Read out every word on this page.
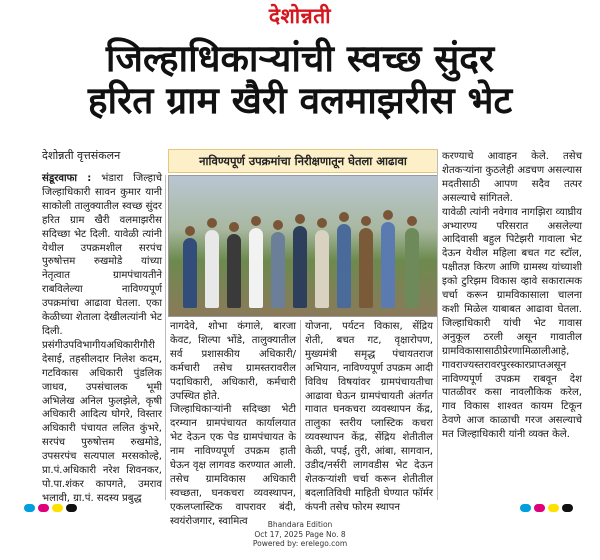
देशोन्नती
जिल्हाधिकाऱ्यांची स्वच्छ सुंदर
हरित ग्राम खैरी वलमाझरीस भेट
देशोन्नती वृत्तसंकलन	नाविण्यपूर्ण उपक्रमांचा निरीक्षणातून घेतला आढावा
संडूरवाफा : भंडारा जिल्हाचे जिल्हाधिकारी सावन कुमार यानी साकोली तालुक्यातील स्वच्छ सुंदर हरित ग्राम खैरी वलमाझरीस सदिच्छा भेट दिली. यावेळी त्यांनी येथील उपक्रमशील सरपंच पुरुषोत्तम रुखमोडे यांच्या नेतृत्वात ग्रामपंचायतीने राबविलेल्या नाविण्यपूर्ण उपक्रमांचा आढावा घेतला. एका केळीच्या शेताला देखीलत्यांनी भेट दिली.
प्रसंगीउपविभागीयअधिकारीगौरी देसाई, तहसीलदार निलेश कदम, गटविकास अधिकारी पुंडलिक जाधव, उपसंचालक भूमी अभिलेख अनिल फुलझेले, कृषी अधिकारी आदित्य घोगरे, विस्तार अधिकारी पंचायत ललित कुंभरे, सरपंच पुरुषोत्तम रुखमोडे, उपसरपंच सत्यपाल मरसकोल्हे, प्रा.पं.अधिकारी नरेश शिवनकर, पो.पा.शंकर कापगते, उमराव भलावी, ग्रा.पं. सदस्य प्रबुद्ध
नागदेवे, शोभा कंगाले, बारजा केवट, शिल्पा भोंडे, तालुक्यातील सर्व प्रशासकीय अधिकारी/ कर्मचारी तसेच ग्रामस्तरावरील पदाधिकारी, अधिकारी, कर्मचारी उपस्थित होते.
जिल्हाधिकाऱ्यांनी सदिच्छा भेटी दरम्यान ग्रामपंचायत कार्यालयात भेट देऊन एक पेड ग्रामपंचायत के नाम नाविण्यपूर्ण उपक्रम हाती घेऊन वृक्ष लागवड करण्यात आली. तसेच ग्रामविकास अधिकारी स्वच्छता, घनकचरा व्यवस्थापन, एकलप्लास्टिक वापरावर बंदी, स्वयंरोजगार, स्वामित्व
योजना, पर्यटन विकास, सेंद्रिय शेती, बचत गट, वृक्षारोपण, मुख्यमंत्री समृद्ध पंचायतराज अभियान, नाविण्यपूर्ण उपक्रम आदी विविध विषयांवर ग्रामपंचायतीचा आढावा घेऊन ग्रामपंचायती अंतर्गत गावात घनकचरा व्यवस्थापन केंद्र, तालुका स्तरीय प्लास्टिक कचरा व्यवस्थापन केंद्र, सेंद्रिय शेतीतील केळी, पपई, तुरी, आंबा, सागवान, उडीद/नर्सरी लागवडीस भेट देऊन शेतकऱ्यांशी चर्चा करून शेतीतील बदलातिविधी माहिती घेण्यात फॉर्मर कंपनी तसेच फोरम स्थापन
करण्याचे आवाहन केले. तसेच शेतकऱ्यांना कुठलेही अडचण असल्यास मदतीसाठी आपण सदैव तत्पर असल्याचे सांगितले.
यावेळी त्यांनी नवेगाव नागझिरा व्याघ्रीय अभ्यारण्य परिसरात असलेल्या आदिवासी बहुल पिटेझरी गावाला भेट देऊन येथील महिला बचत गट स्टॉल, पक्षीतज्ञ किरण आणि ग्रामस्थ यांच्याशी इको टुरिझम विकास व्हावे सकारात्मक चर्चा करून ग्रामविकासाला चालना कशी मिळेल याबाबत आढावा घेतला. जिल्हाधिकारी यांची भेट गावास अनुकूल ठरली असून गावातील ग्रामविकासासाठीप्रेरणामिळालीआहे, गावराज्यस्तरावरपुरस्कारप्राप्तअसून नाविण्यपूर्ण उपक्रम राबवून देश पातळीवर कसा नावलौकिक करेल, गाव विकास शाश्वत कायम टिकून ठेवणे आज काळाची गरज असल्याचे मत जिल्हाधिकारी यांनी व्यक्त केले.
Bhandara Edition
Oct 17, 2025 Page No. 8
Powered by: erelego.com
